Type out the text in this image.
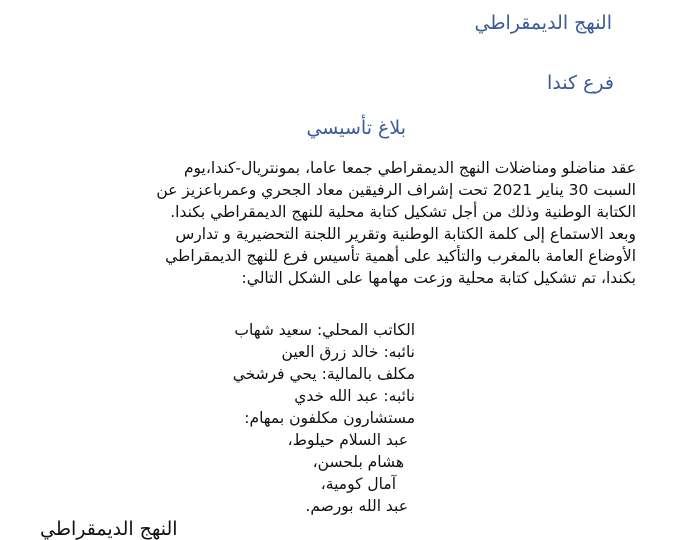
النهج الديمقراطي
فرع كندا
بلاغ تأسيسي
عقد مناضلو ومناضلات النهج الديمقراطي جمعا عاما، بمونتريال-كندا،يوم
السبت 30 يناير 2021 تحت إشراف الرفيقين معاد الجحري وعمرباعزيز عن
الكتابة الوطنية وذلك من أجل تشكيل كتابة محلية للنهج الديمقراطي بكندا.
وبعد الاستماع إلى كلمة الكتابة الوطنية وتقرير اللجنة التحضيرية و تدارس
الأوضاع العامة بالمغرب والتأكيد على أهمية تأسيس فرع للنهج الديمقراطي
بكندا، تم تشكيل كتابة محلية وزعت مهامها على الشكل التالي:
الكاتب المحلي: سعيد شهاب
نائبه: خالد زرق العين
مكلف بالمالية: يحي فرشخي
نائبه: عبد الله خدي
مستشارون مكلفون بمهام:
عبد السلام حيلوط،
هشام بلحسن،
آمال كومية،
عبد الله بورصم.
النهج الديمقراطي
